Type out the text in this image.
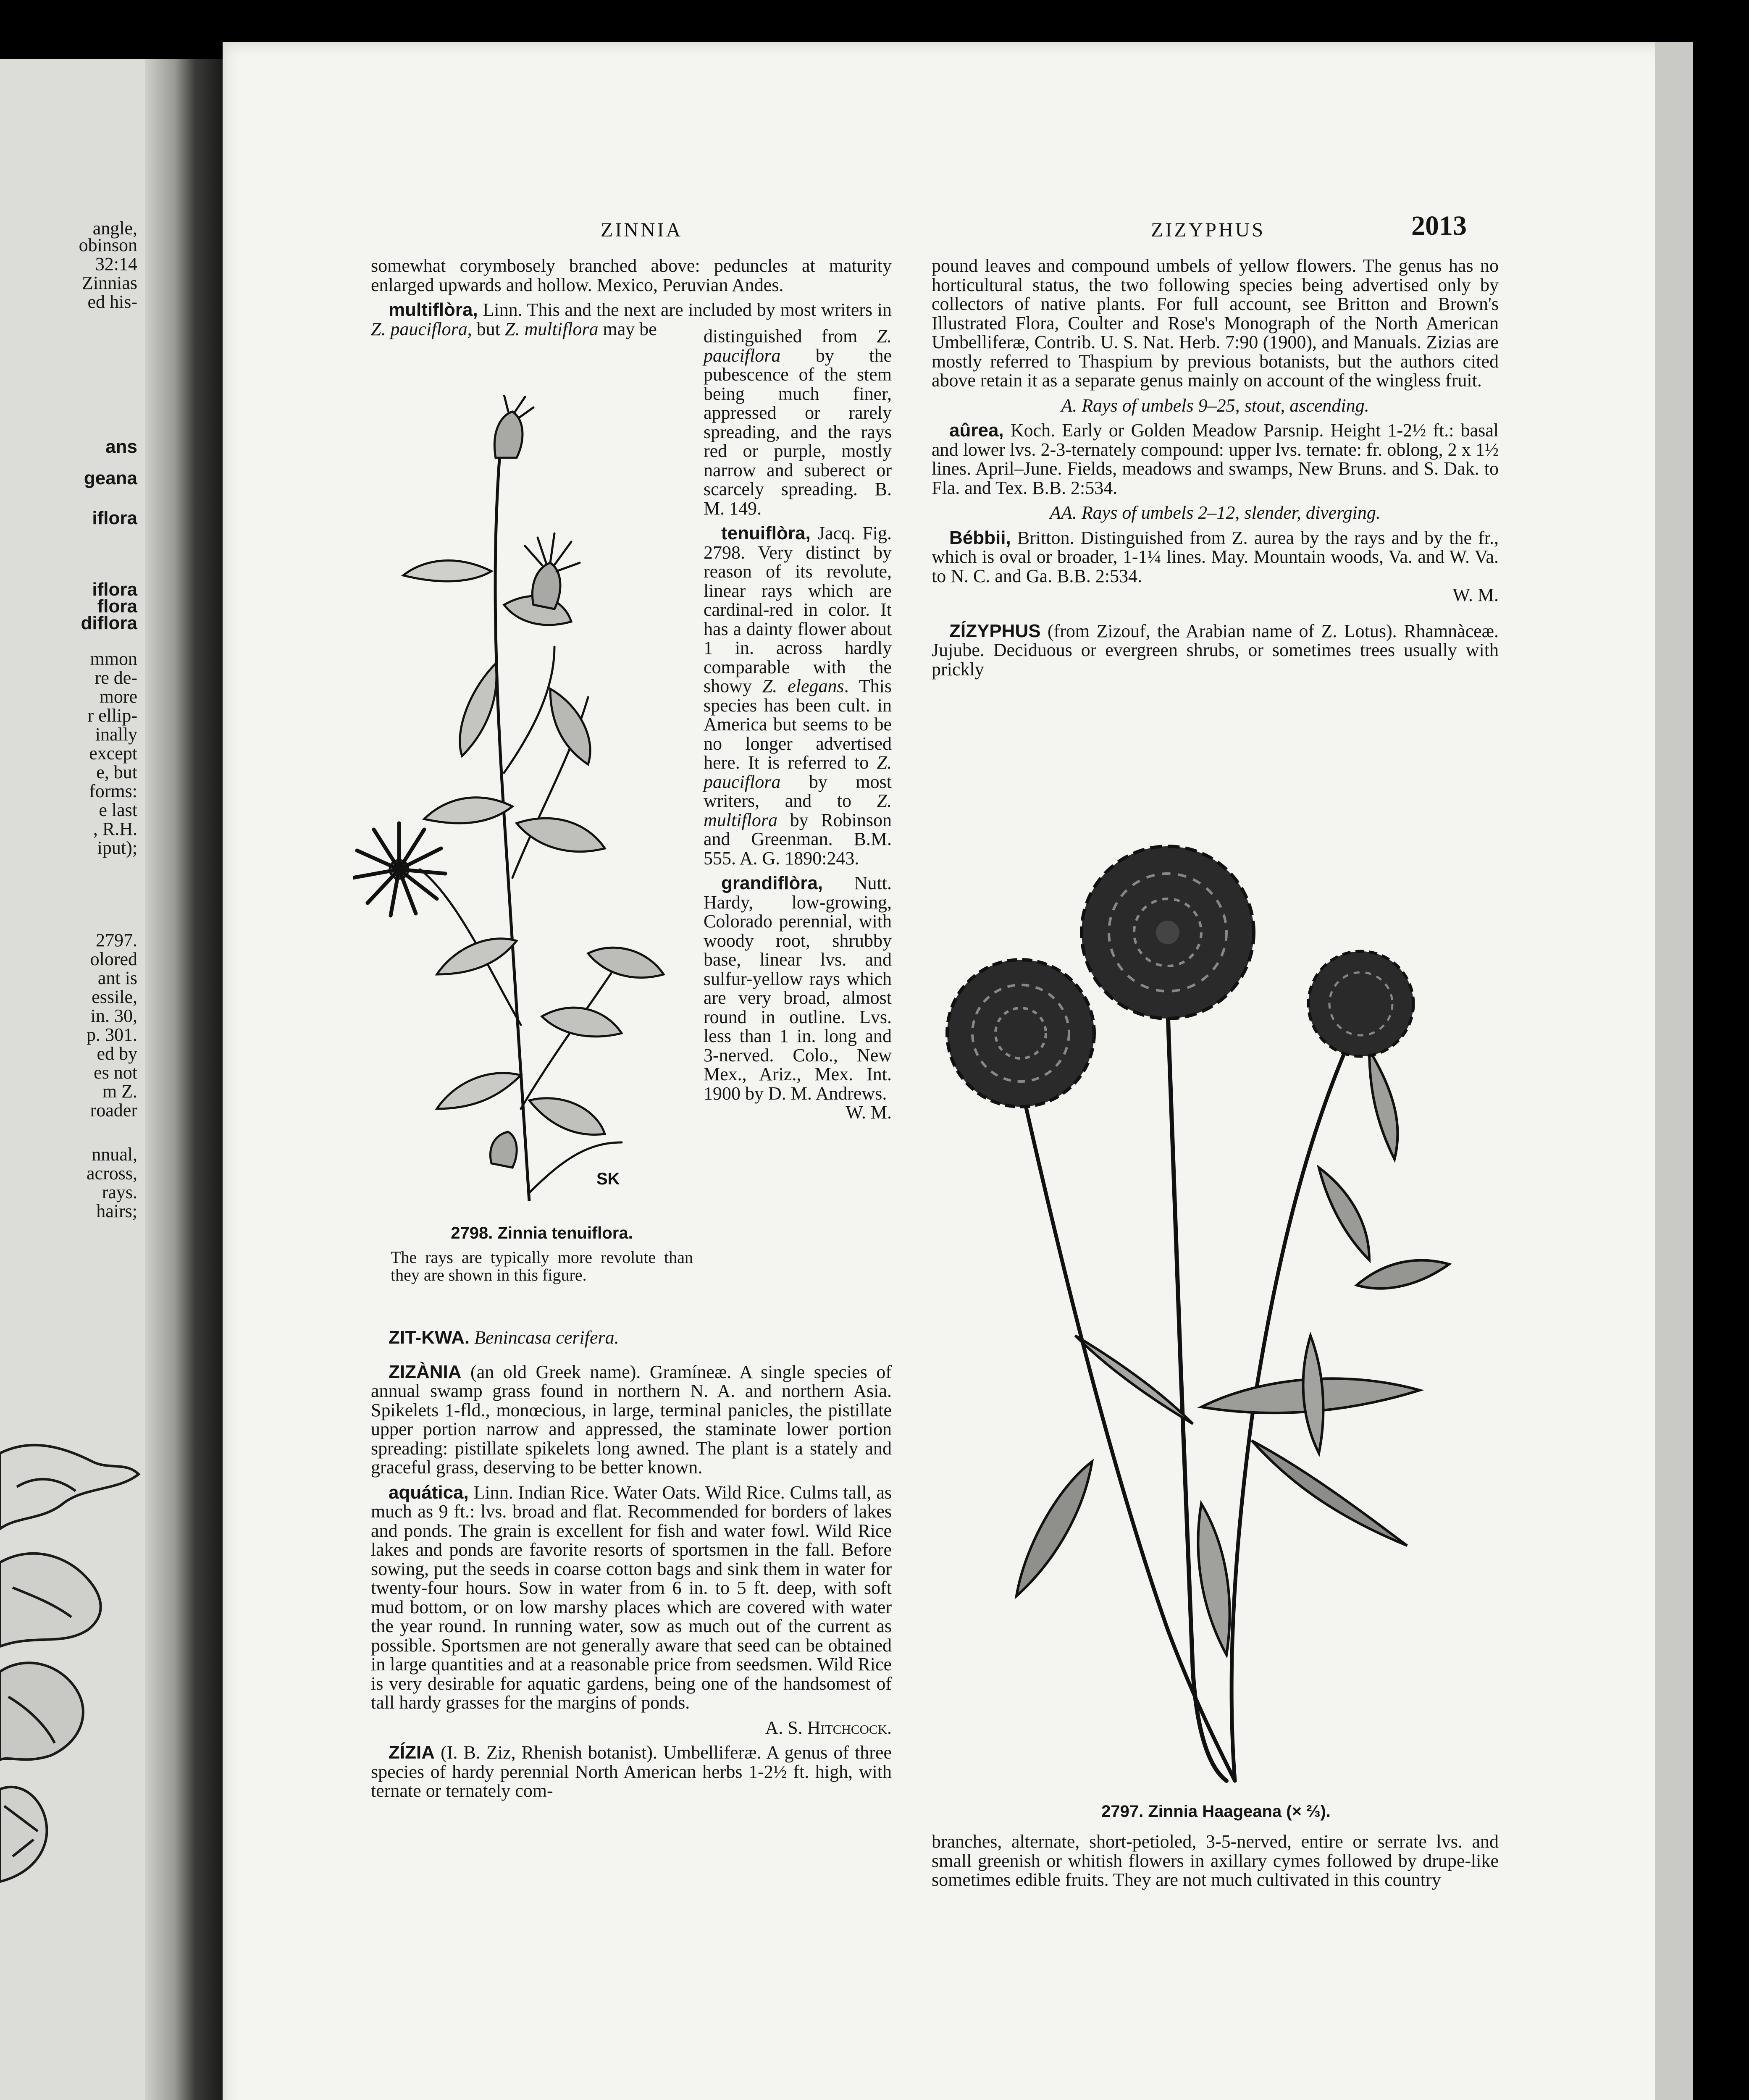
angle,
obinson
32:14
Zinnias
ed his-
ans
geana
iflora
iflora
flora
diflora
mmon
re de-
more
r ellip-
inally
except
e, but
forms:
e last
, R.H.
iput);
2797.
olored
ant is
essile,
in. 30,
p. 301.
ed by
es not
m Z.
roader
nnual,
across,
rays.
hairs;
ZINNIA	ZIZYPHUS	2013

somewhat corymbosely branched above: peduncles at maturity enlarged upwards and hollow. Mexico, Peruvian Andes.

multiflòra, Linn. This and the next are included by most writers in Z. pauciflora, but Z. multiflora may be	distinguished from Z. pauciflora by the pubescence of the stem being much finer, appressed or rarely spreading, and the rays red or purple, mostly narrow and suberect or scarcely spreading. B. M. 149.

tenuiflòra, Jacq. Fig. 2798. Very distinct by reason of its revolute, linear rays which are cardinal-red in color. It has a dainty flower about 1 in. across hardly comparable with the showy Z. elegans. This species has been cult. in America but seems to be no longer advertised here. It is referred to Z. pauciflora by most writers, and to Z. multiflora by Robinson and Greenman. B.M. 555. A. G. 1890:243.

grandiflòra, Nutt. Hardy, low-growing, Colorado perennial, with woody root, shrubby base, linear lvs. and sulfur-yellow rays which are very broad, almost round in outline. Lvs. less than 1 in. long and 3-nerved. Colo., New Mex., Ariz., Mex. Int. 1900 by D. M. Andrews.

W. M.
SK
2798. Zinnia tenuiflora.
The rays are typically more revolute than they are shown in this figure.

ZIT-KWA. Benincasa cerifera.

ZIZÀNIA (an old Greek name). Gramíneæ. A single species of annual swamp grass found in northern N. A. and northern Asia. Spikelets 1-fld., monœcious, in large, terminal panicles, the pistillate upper portion narrow and appressed, the staminate lower portion spreading: pistillate spikelets long awned. The plant is a stately and graceful grass, deserving to be better known.

aquática, Linn. Indian Rice. Water Oats. Wild Rice. Culms tall, as much as 9 ft.: lvs. broad and flat. Recommended for borders of lakes and ponds. The grain is excellent for fish and water fowl. Wild Rice lakes and ponds are favorite resorts of sportsmen in the fall. Before sowing, put the seeds in coarse cotton bags and sink them in water for twenty-four hours. Sow in water from 6 in. to 5 ft. deep, with soft mud bottom, or on low marshy places which are covered with water the year round. In running water, sow as much out of the current as possible. Sportsmen are not generally aware that seed can be obtained in large quantities and at a reasonable price from seedsmen. Wild Rice is very desirable for aquatic gardens, being one of the handsomest of tall hardy grasses for the margins of ponds.

A. S. Hitchcock.

ZÍZIA (I. B. Ziz, Rhenish botanist). Umbelliferæ. A genus of three species of hardy perennial North American herbs 1-2½ ft. high, with ternate or ternately com-

pound leaves and compound umbels of yellow flowers. The genus has no horticultural status, the two following species being advertised only by collectors of native plants. For full account, see Britton and Brown's Illustrated Flora, Coulter and Rose's Monograph of the North American Umbelliferæ, Contrib. U. S. Nat. Herb. 7:90 (1900), and Manuals. Zizias are mostly referred to Thaspium by previous botanists, but the authors cited above retain it as a separate genus mainly on account of the wingless fruit.

A. Rays of umbels 9–25, stout, ascending.

aûrea, Koch. Early or Golden Meadow Parsnip. Height 1-2½ ft.: basal and lower lvs. 2-3-ternately compound: upper lvs. ternate: fr. oblong, 2 x 1½ lines. April–June. Fields, meadows and swamps, New Bruns. and S. Dak. to Fla. and Tex. B.B. 2:534.

AA. Rays of umbels 2–12, slender, diverging.

Bébbii, Britton. Distinguished from Z. aurea by the rays and by the fr., which is oval or broader, 1-1¼ lines. May. Mountain woods, Va. and W. Va. to N. C. and Ga. B.B. 2:534.

W. M.

ZÍZYPHUS (from Zizouf, the Arabian name of Z. Lotus). Rhamnàceæ. Jujube. Deciduous or evergreen shrubs, or sometimes trees usually with prickly

2797. Zinnia Haageana (× ⅔).

branches, alternate, short-petioled, 3-5-nerved, entire or serrate lvs. and small greenish or whitish flowers in axillary cymes followed by drupe-like sometimes edible fruits. They are not much cultivated in this country
